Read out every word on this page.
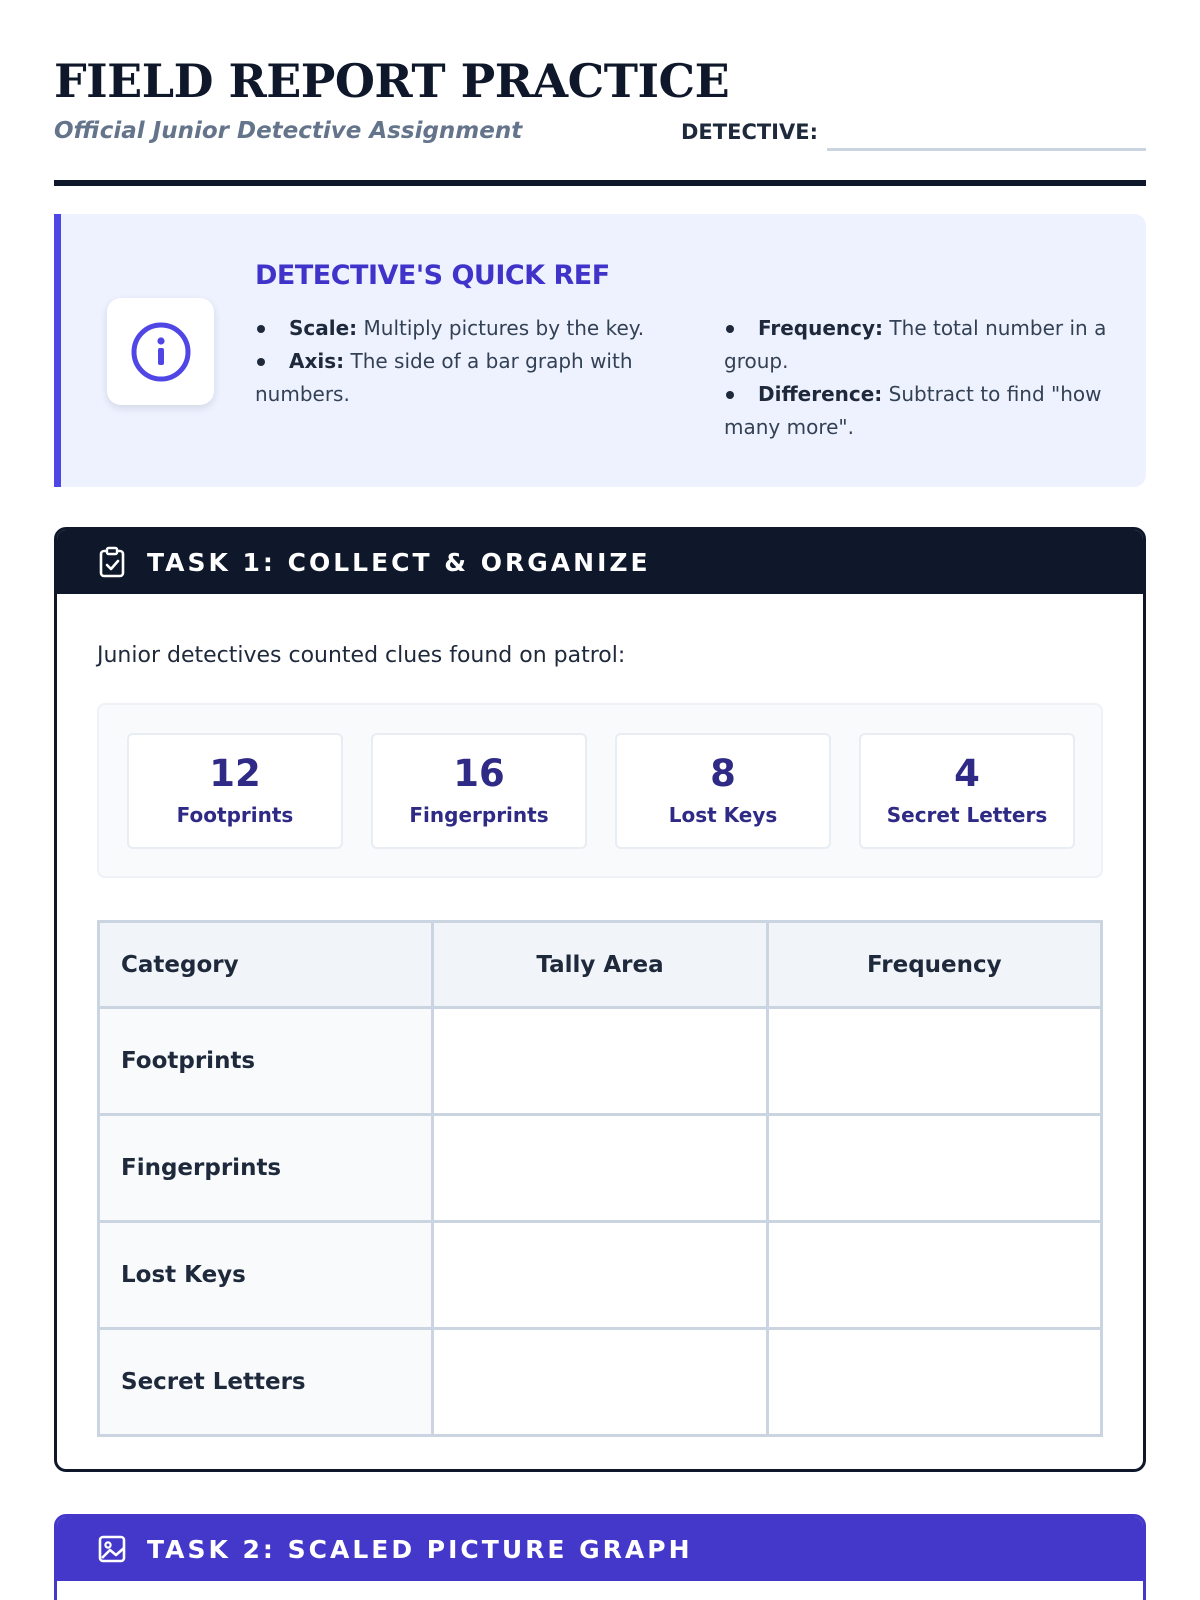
FIELD REPORT PRACTICE
Official Junior Detective Assignment	DETECTIVE:
DETECTIVE'S QUICK REF
Scale: Multiply pictures by the key.
Axis: The side of a bar graph with numbers.
Frequency: The total number in a group.
Difference: Subtract to find "how many more".
TASK 1: COLLECT & ORGANIZE

Junior detectives counted clues found on patrol:

12
Footprints
16
Fingerprints
8
Lost Keys
4
Secret Letters
Category	Tally Area	Frequency
Footprints		
Fingerprints		
Lost Keys		
Secret Letters		
TASK 2: SCALED PICTURE GRAPH
